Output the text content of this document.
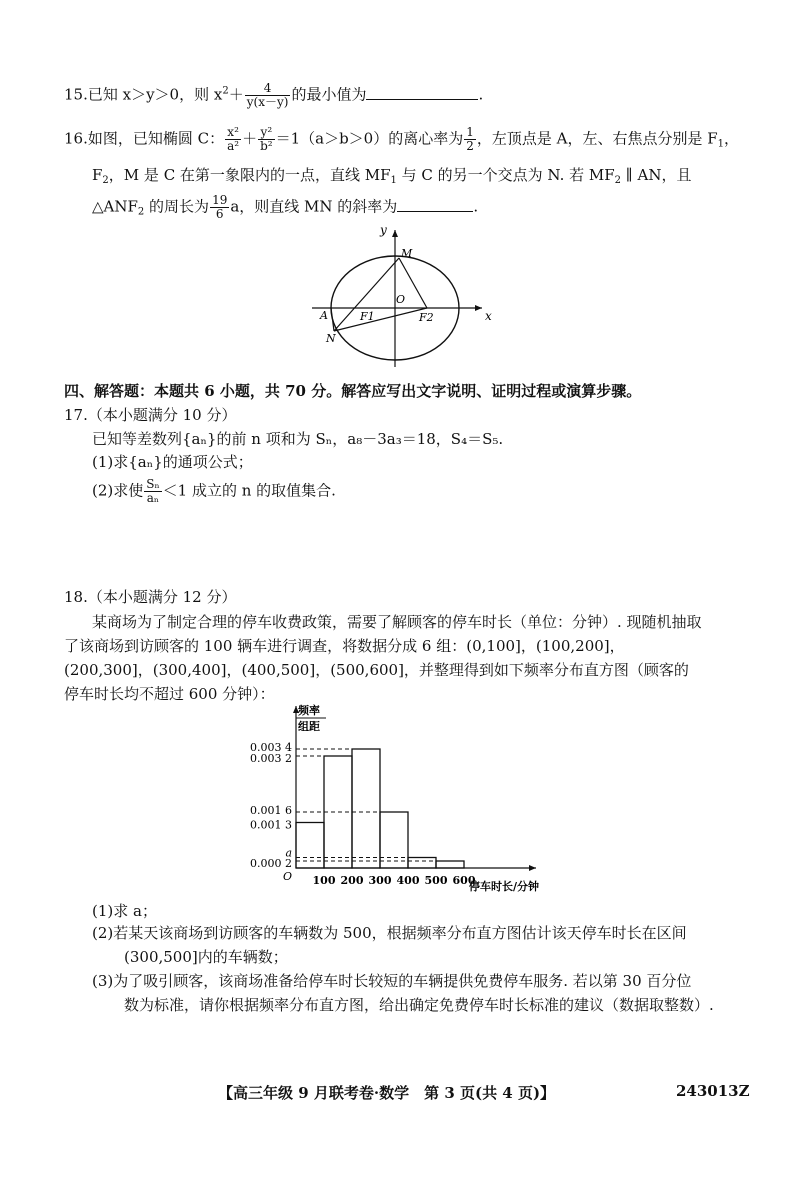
15.已知 x＞y＞0，则 $x^2+ \frac{4}{y(x-y)}$ 的最小值为	.
16.如图，已知椭圆 C： $\frac{\text{x²}}{\text{a²}} + \frac{\text{y²}}{\text{b²}} =1(a>b>0)$的离心率为 $\frac{1}{2}$ ，左顶点是 A，左、右焦点分别是 $F_1$，
$F_2$，M 是 C 在第一象限内的一点，直线 $MF_1$ 与 C 的另一个交点为 N. 若 $MF_2$ ∥ AN，且
$\triangle ANF_2$ 的周长为 $\frac{19}{6}$ a，则直线 MN 的斜率为	.
y
x
O
M
A
N
F1	F2
四、解答题：本题共 6 小题，共 70 分。解答应写出文字说明、证明过程或演算步骤。
17.（本小题满分 10 分）
已知等差数列{aₙ}的前 n 项和为 Sₙ，a₈－3a₃＝18，S₄＝S₅.
(1)求{aₙ}的通项公式；
(2)求使 $\frac{\text{Sₙ}}{\text{aₙ}} <1$ 成立的 n 的取值集合.
18.（本小题满分 12 分）
某商场为了制定合理的停车收费政策，需要了解顾客的停车时长（单位：分钟）. 现随机抽取
了该商场到访顾客的 100 辆车进行调查，将数据分成 6 组：(0,100]，(100,200]，
(200,300]，(300,400]，(400,500]，(500,600]，并整理得到如下频率分布直方图（顾客的
停车时长均不超过 600 分钟）：
频率
组距
停车时长/分钟
O
0.003 4
0.003 2
0.001 6
0.001 3
a
0.000 2
100 200 300 400 500 600
(1)求 a；
(2)若某天该商场到访顾客的车辆数为 500，根据频率分布直方图估计该天停车时长在区间
(300,500]内的车辆数；
(3)为了吸引顾客，该商场准备给停车时长较短的车辆提供免费停车服务. 若以第 30 百分位
数为标准，请你根据频率分布直方图，给出确定免费停车时长标准的建议（数据取整数）.
【高三年级 9 月联考卷·数学　第 3 页(共 4 页)】	243013Z
